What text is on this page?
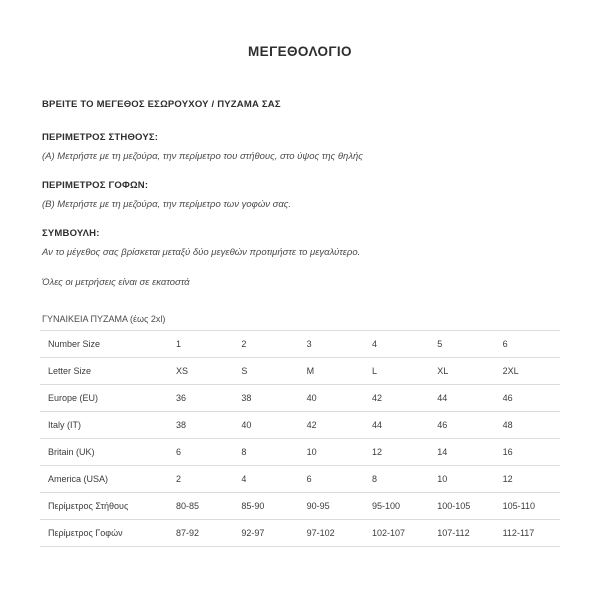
ΜΕΓΕΘΟΛΟΓΙΟ
ΒΡΕΙΤΕ ΤΟ ΜΕΓΕΘΟΣ ΕΣΩΡΟΥΧΟΥ / ΠΥΖΑΜΑ ΣΑΣ
ΠΕΡΙΜΕΤΡΟΣ ΣΤΗΘΟΥΣ:

(Α) Μετρήστε με τη μεζούρα, την περίμετρο του στήθους, στο ύψος της θηλής

ΠΕΡΙΜΕΤΡΟΣ ΓΟΦΩΝ:

(Β) Μετρήστε με τη μεζούρα, την περίμετρο των γοφών σας.

ΣΥΜΒΟΥΛΗ:

Αν το μέγεθος σας βρίσκεται μεταξύ δύο μεγεθών προτιμήστε το μεγαλύτερο.

Όλες οι μετρήσεις είναι σε εκατοστά
ΓΥΝΑΙΚΕΙΑ ΠΥΖΑΜΑ (έως 2xl)
Number Size	1	2	3	4	5	6
Letter Size	XS	S	M	L	XL	2XL
Europe (EU)	36	38	40	42	44	46
Italy (IT)	38	40	42	44	46	48
Britain (UK)	6	8	10	12	14	16
America (USA)	2	4	6	8	10	12
Περίμετρος Στήθους	80-85	85-90	90-95	95-100	100-105	105-110
Περίμετρος Γοφών	87-92	92-97	97-102	102-107	107-112	112-117
